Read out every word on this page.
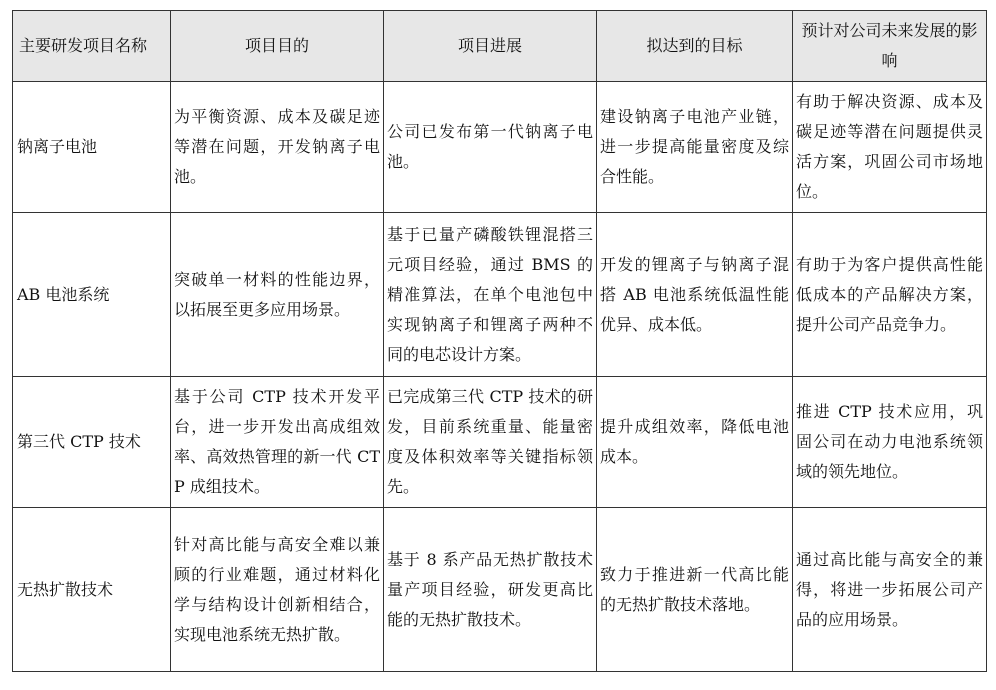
主要研发项目名称	项目目的	项目进展	拟达到的目标	预计对公司未来发展的影响
钠离子电池	为平衡资源、成本及碳足迹等潜在问题，开发钠离子电池。	公司已发布第一代钠离子电池。	建设钠离子电池产业链，进一步提高能量密度及综合性能。	有助于解决资源、成本及碳足迹等潜在问题提供灵活方案，巩固公司市场地位。
AB 电池系统	突破单一材料的性能边界，以拓展至更多应用场景。	基于已量产磷酸铁锂混搭三元项目经验，通过 BMS 的精准算法，在单个电池包中实现钠离子和锂离子两种不同的电芯设计方案。	开发的锂离子与钠离子混搭 AB 电池系统低温性能优异、成本低。	有助于为客户提供高性能低成本的产品解决方案，提升公司产品竞争力。
第三代 CTP 技术	基于公司 CTP 技术开发平台，进一步开发出高成组效率、高效热管理的新一代 CTP 成组技术。	已完成第三代 CTP 技术的研发，目前系统重量、能量密度及体积效率等关键指标领先。	提升成组效率，降低电池成本。	推进 CTP 技术应用，巩固公司在动力电池系统领域的领先地位。
无热扩散技术	针对高比能与高安全难以兼顾的行业难题，通过材料化学与结构设计创新相结合，实现电池系统无热扩散。	基于 8 系产品无热扩散技术量产项目经验，研发更高比能的无热扩散技术。	致力于推进新一代高比能的无热扩散技术落地。	通过高比能与高安全的兼得，将进一步拓展公司产品的应用场景。
